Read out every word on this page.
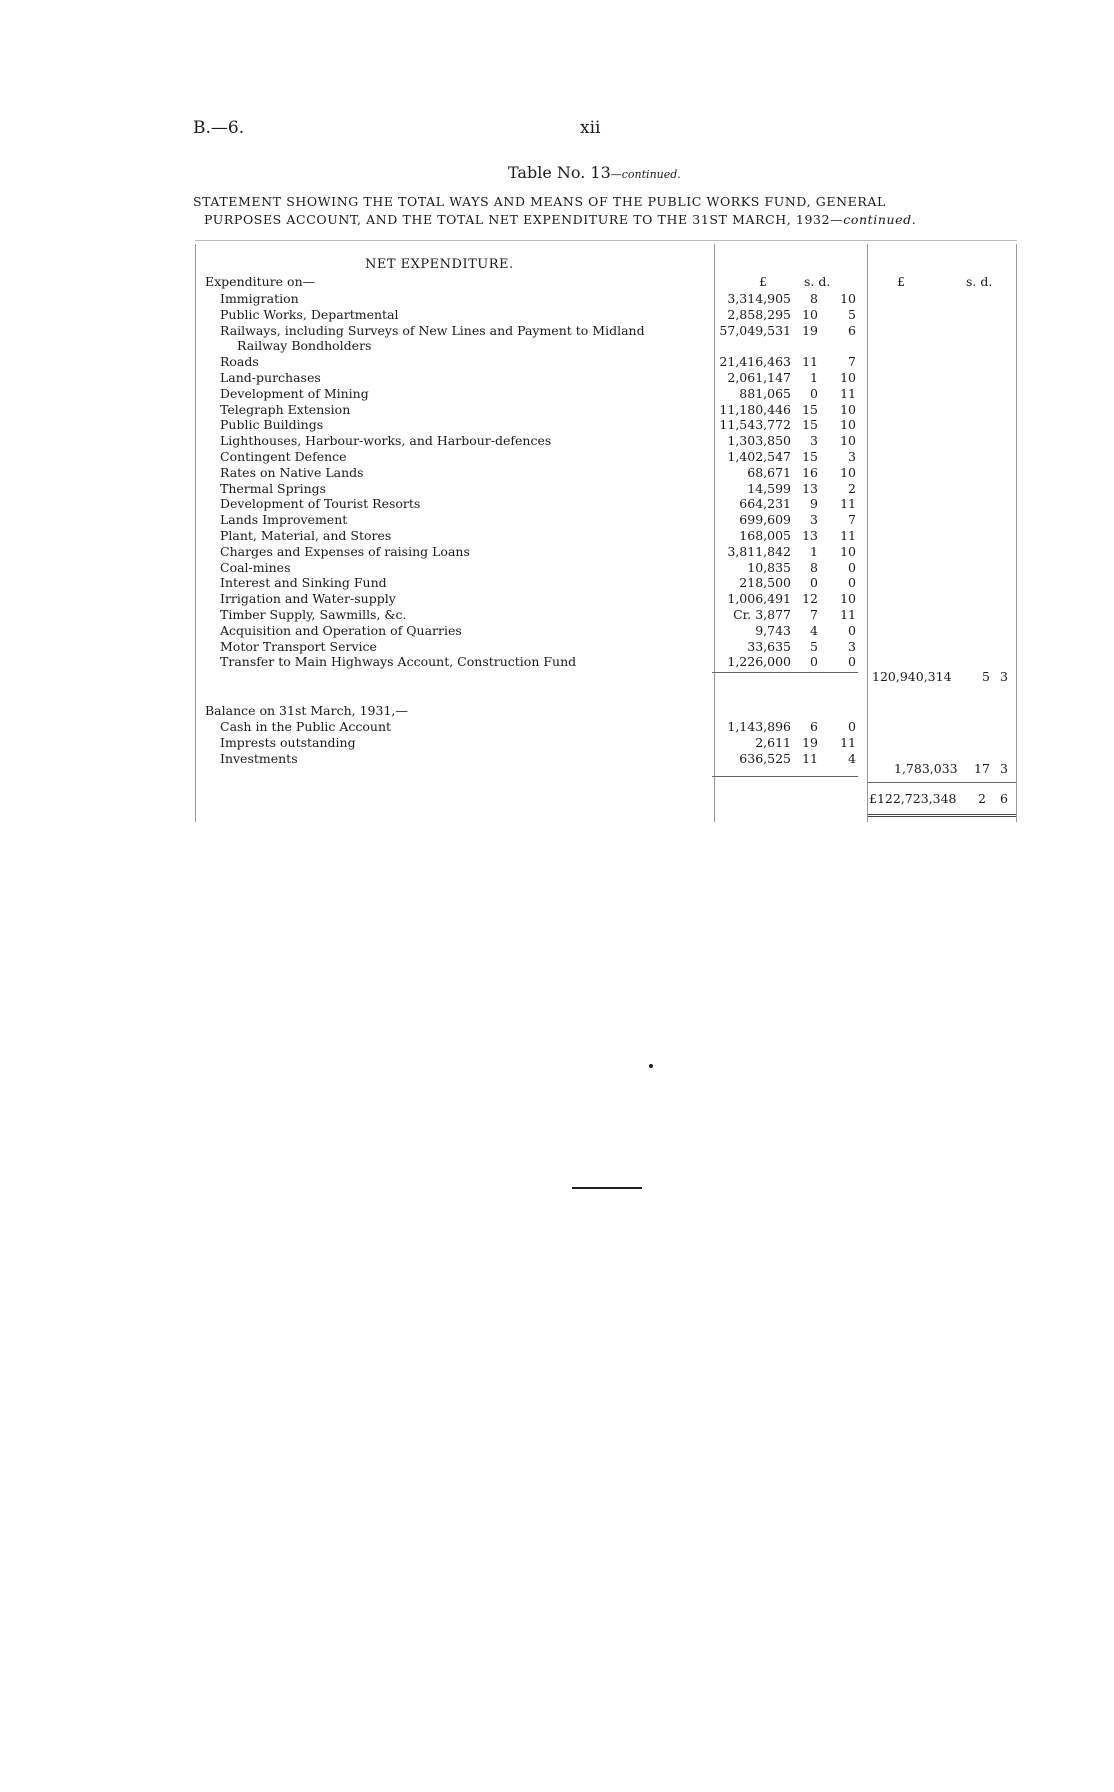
B.—6.	xii
Table No. 13—continued.
STATEMENT SHOWING THE TOTAL WAYS AND MEANS OF THE PUBLIC WORKS FUND, GENERAL
PURPOSES ACCOUNT, AND THE TOTAL NET EXPENDITURE TO THE 31ST MARCH, 1932—continued.
NET EXPENDITURE.
Expenditure on—	£	s. d.	£	s. d.
Immigration	3,314,905	8	10
Public Works, Departmental	2,858,295 10	5
Railways, including Surveys of New Lines and Payment to Midland	57,049,531 19	6
Railway Bondholders
Roads	21,416,463 11	7
Land-purchases	2,061,147	1	10
Development of Mining	881,065	0	11
Telegraph Extension	11,180,446 15	10
Public Buildings	11,543,772 15	10
Lighthouses, Harbour-works, and Harbour-defences	1,303,850	3	10
Contingent Defence	1,402,547 15	3
Rates on Native Lands	68,671 16	10
Thermal Springs	14,599 13	2
Development of Tourist Resorts	664,231	9	11
Lands Improvement	699,609	3	7
Plant, Material, and Stores	168,005 13	11
Charges and Expenses of raising Loans	3,811,842	1	10
Coal-mines	10,835	8	0
Interest and Sinking Fund	218,500	0	0
Irrigation and Water-supply	1,006,491 12	10
Timber Supply, Sawmills, &c.	Cr. 3,877	7	11
Acquisition and Operation of Quarries	9,743	4	0
Motor Transport Service	33,635	5	3
Transfer to Main Highways Account, Construction Fund	1,226,000	0	0
120,940,314 5 3
Balance on 31st March, 1931,—
Cash in the Public Account	1,143,896	6	0
Imprests outstanding	2,611 19	11
Investments	636,525 11	4
1,783,033 17 3
£122,723,348 2 6
